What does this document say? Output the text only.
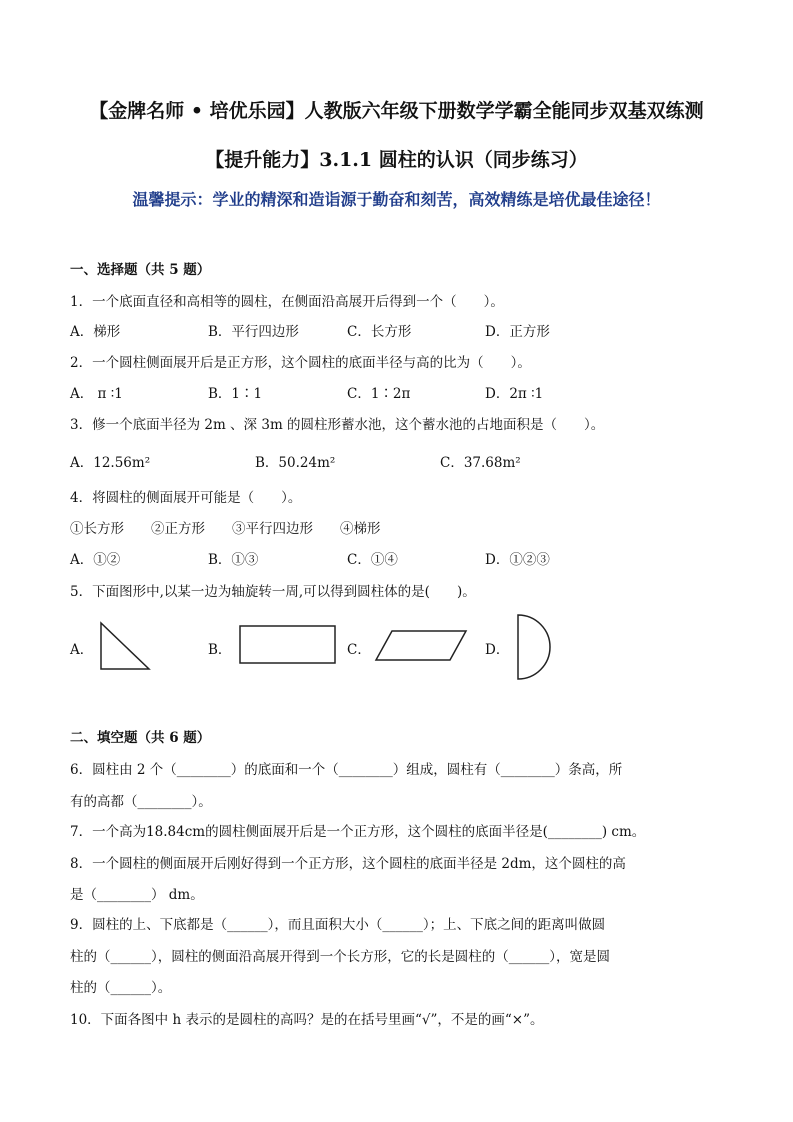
【金牌名师 • 培优乐园】人教版六年级下册数学学霸全能同步双基双练测
【提升能力】3.1.1 圆柱的认识（同步练习）
温馨提示：学业的精深和造诣源于勤奋和刻苦，高效精练是培优最佳途径！
一、选择题（共 5 题）
1．一个底面直径和高相等的圆柱，在侧面沿高展开后得到一个（　　）。
A．梯形	B．平行四边形	C．长方形	D．正方形
2．一个圆柱侧面展开后是正方形，这个圆柱的底面半径与高的比为（　　）。
A． π ∶1	B．1∶1	C．1∶2π	D．2π ∶1
3．修一个底面半径为 2m 、深 3m 的圆柱形蓄水池，这个蓄水池的占地面积是（　　）。
A．12.56m²	B．50.24m²	C．37.68m²
4．将圆柱的侧面展开可能是（　　）。
①长方形　　②正方形　　③平行四边形　　④梯形
A．①②	B．①③	C．①④	D．①②③
5．下面图形中,以某一边为轴旋转一周,可以得到圆柱体的是(　　)。
A．	B．	C．	D．
二、填空题（共 6 题）
6．圆柱由 2 个（________）的底面和一个（________）组成，圆柱有（________）条高，所
有的高都（________）。
7．一个高为18.84cm的圆柱侧面展开后是一个正方形，这个圆柱的底面半径是(________) cm。
8．一个圆柱的侧面展开后刚好得到一个正方形，这个圆柱的底面半径是 2dm，这个圆柱的高
是（________） dm。
9．圆柱的上、下底都是（______），而且面积大小（______）；上、下底之间的距离叫做圆
柱的（______），圆柱的侧面沿高展开得到一个长方形，它的长是圆柱的（______），宽是圆
柱的（______）。
10．下面各图中 h 表示的是圆柱的高吗？是的在括号里画“√”，不是的画“×”。
